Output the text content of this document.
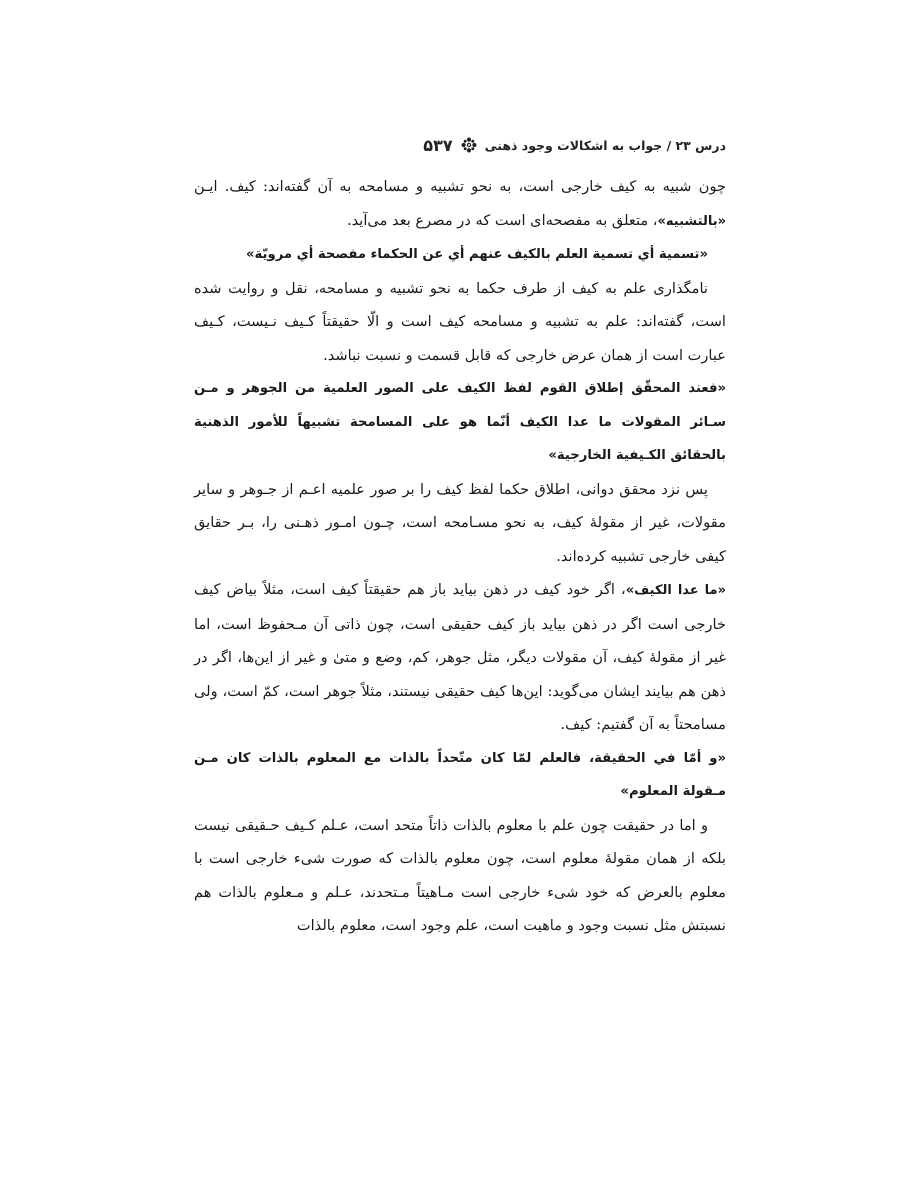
درس ۲۳ / جواب به اشکالات وجود ذهنی
۵۳۷

چون شبیه به کیف خارجی است، به نحو تشبیه و مسامحه به آن گفته‌اند: کیف. ایـن «بالتشبیه»، متعلق به مفصحه‌ای است که در مصرع بعد می‌آید.

«تسمية أي تسمية العلم بالكيف عنهم أي عن الحكماء مفصحة أي مرويّة»

نامگذاری علم به کیف از طرف حکما به نحو تشبیه و مسامحه، نقل و روایت شده است، گفته‌اند: علم به تشبیه و مسامحه کیف است و الّا حقیقتاً کـیف نـیست، کـیف عبارت است از همان عرض خارجی که قابل قسمت و نسبت نباشد.

«فعند المحقّق إطلاق القوم لفظ الكيف على الصور العلمية من الجوهر و مـن سـائر المقولات ما عدا الكيف أنّما هو على المسامحة تشبيهاً للأمور الذهنية بالحقائق الكـيفية الخارجية»

پس نزد محقق دوانی، اطلاق حکما لفظ کیف را بر صور علمیه اعـم از جـوهر و سایر مقولات، غیر از مقولهٔ کیف، به نحو مسـامحه است، چـون امـور ذهـنی را، بـر حقایق کیفی خارجی تشبیه کرده‌اند.

«ما عدا الكيف»، اگر خود کیف در ذهن بیاید باز هم حقیقتاً کیف است، مثلاً بیاض کیف خارجی است اگر در ذهن بیاید باز کیف حقیقی است، چون ذاتی آن مـحفوظ است، اما غیر از مقولهٔ کیف، آن مقولات دیگر، مثل جوهر، کم، وضع و متیٰ و غیر از این‌ها، اگر در ذهن هم بیایند ایشان می‌گوید: این‌ها کیف حقیقی نیستند، مثلاً جوهر است، کمّ است، ولی مسامحتاً به آن گفتیم: کیف.

«و أمّا في الحقيقة، فالعلم لمّا كان متّحداً بالذات مع المعلوم بالذات كان مـن مـقولة المعلوم»

و اما در حقیقت چون علم با معلوم بالذات ذاتاً متحد است، عـلم کـیف حـقیقی نیست بلکه از همان مقولهٔ معلوم است، چون معلوم بالذات که صورت شیء خارجی است با معلوم بالعرض که خود شیء خارجی است مـاهیتاً مـتحدند، عـلم و مـعلوم بالذات هم نسبتش مثل نسبت وجود و ماهیت است، علم وجود است، معلوم بالذات
